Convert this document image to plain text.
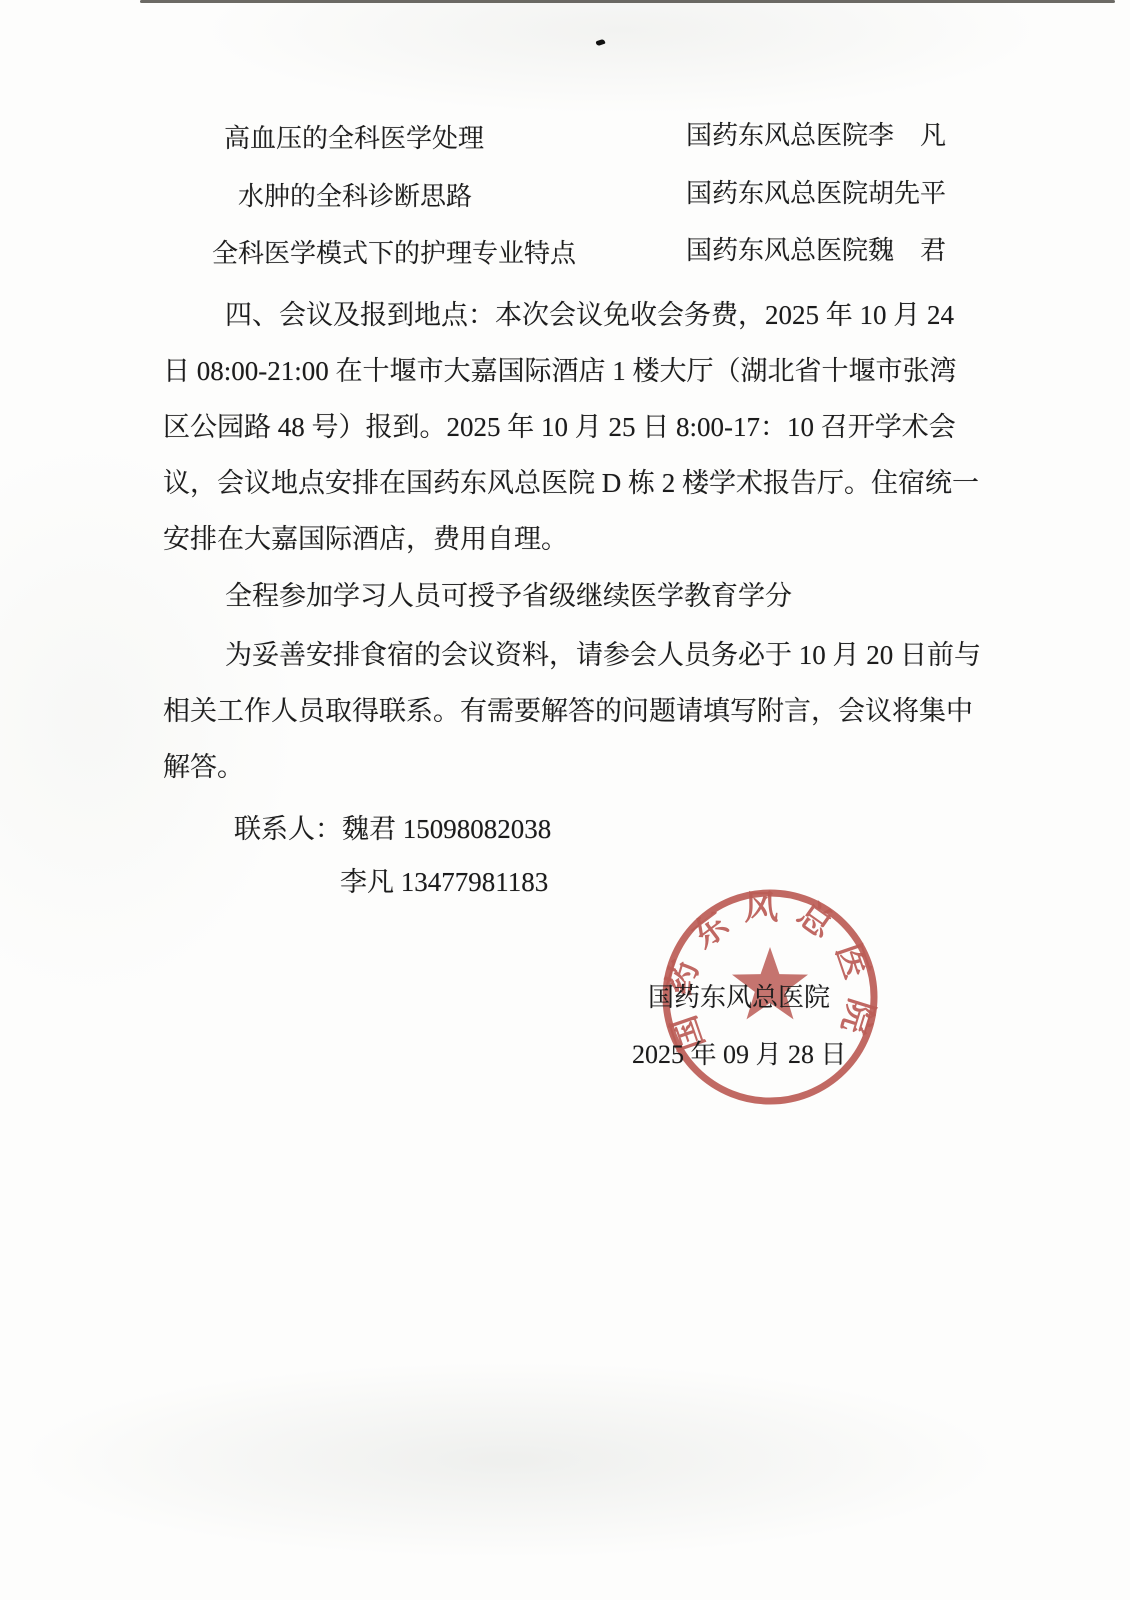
高血压的全科医学处理	国药东风总医院李　凡
水肿的全科诊断思路	国药东风总医院胡先平
全科医学模式下的护理专业特点	国药东风总医院魏　君
四、会议及报到地点：本次会议免收会务费，2025 年 10 月 24
日 08:00-21:00 在十堰市大嘉国际酒店 1 楼大厅（湖北省十堰市张湾
区公园路 48 号）报到。2025 年 10 月 25 日 8:00-17：10 召开学术会
议，会议地点安排在国药东风总医院 D 栋 2 楼学术报告厅。住宿统一
安排在大嘉国际酒店，费用自理。
全程参加学习人员可授予省级继续医学教育学分
为妥善安排食宿的会议资料，请参会人员务必于 10 月 20 日前与
相关工作人员取得联系。有需要解答的问题请填写附言，会议将集中
解答。
联系人：魏君 15098082038
李凡 13477981183
国药东风总医院
国药东风总医院
2025 年 09 月 28 日
